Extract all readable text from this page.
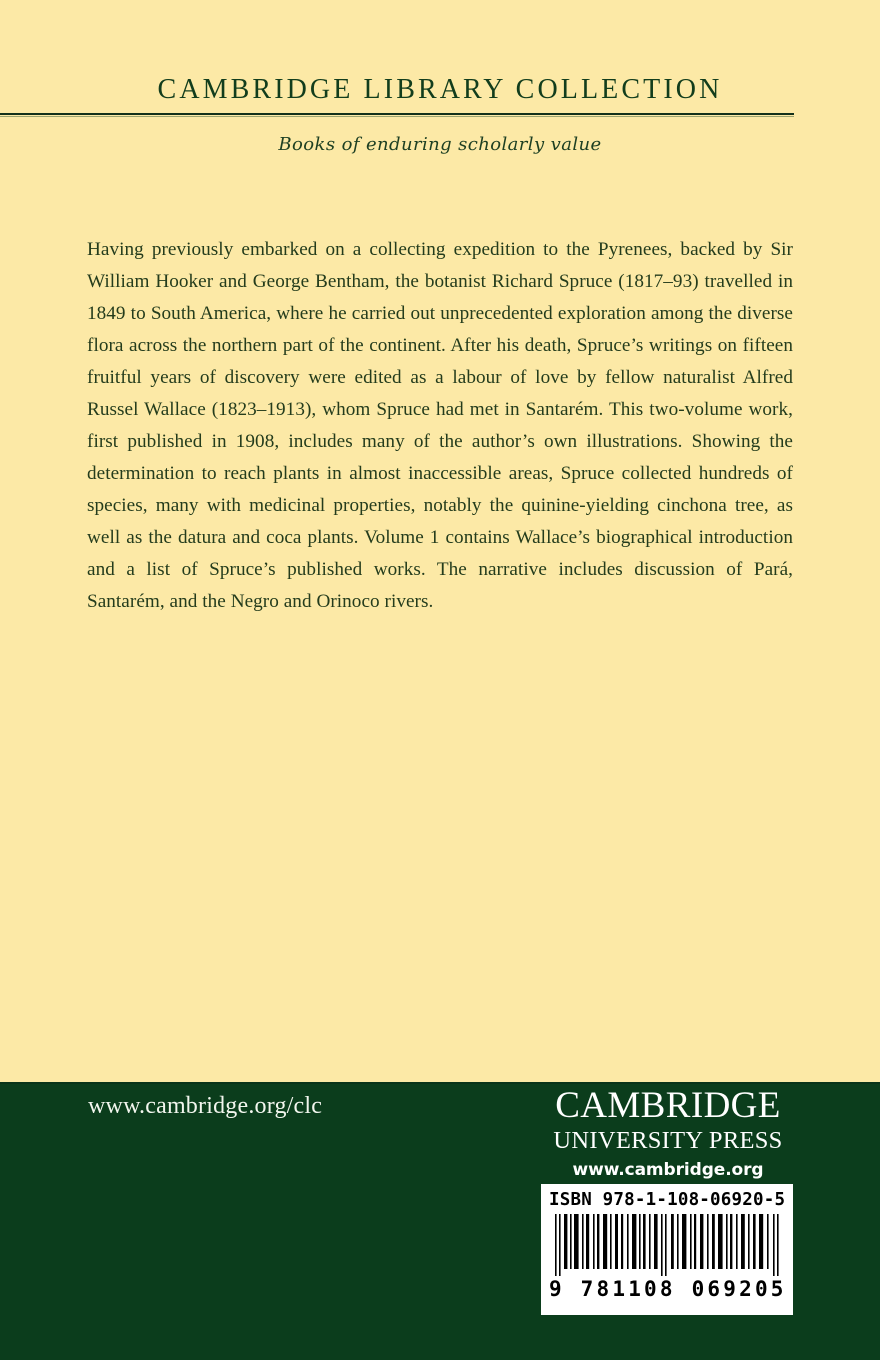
CAMBRIDGE LIBRARY COLLECTION
Books of enduring scholarly value

Having previously embarked on a collecting expedition to the Pyrenees, backed by Sir William Hooker and George Bentham, the botanist Richard Spruce (1817–93) travelled in 1849 to South America, where he carried out unprecedented exploration among the diverse flora across the northern part of the continent. After his death, Spruce’s writings on fifteen fruitful years of discovery were edited as a labour of love by fellow naturalist Alfred Russel Wallace (1823–1913), whom Spruce had met in Santarém. This two-volume work, first published in 1908, includes many of the author’s own illustrations. Showing the determination to reach plants in almost inaccessible areas, Spruce collected hundreds of species, many with medicinal properties, notably the quinine-yielding cinchona tree, as well as the datura and coca plants. Volume 1 contains Wallace’s biographical introduction and a list of Spruce’s published works. The narrative includes discussion of Pará, Santarém, and the Negro and Orinoco rivers.

www.cambridge.org/clc	CAMBRIDGE
UNIVERSITY PRESS
www.cambridge.org
ISBN 978-1-108-06920-5
9 781108 069205
